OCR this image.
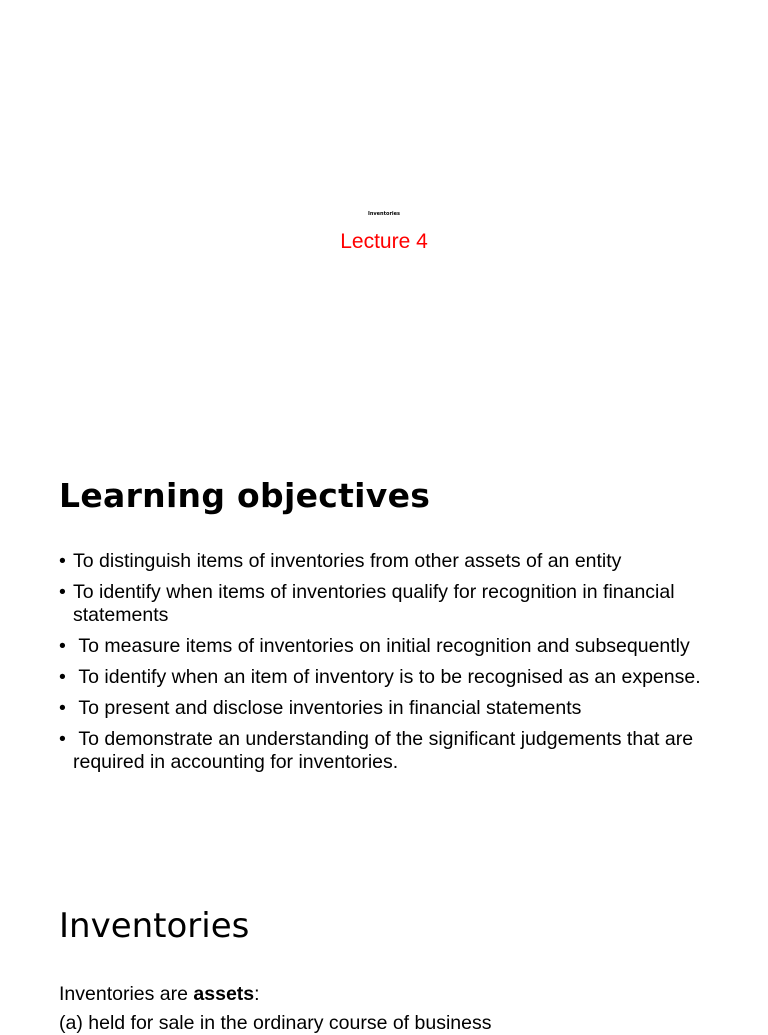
Inventories
Lecture 4
Learning objectives
• To distinguish items of inventories from other assets of an entity
• To identify when items of inventories qualify for recognition in financial statements
• To measure items of inventories on initial recognition and subsequently
• To identify when an item of inventory is to be recognised as an expense.
• To present and disclose inventories in financial statements
• To demonstrate an understanding of the significant judgements that are required in accounting for inventories.
Inventories
Inventories are assets:
(a) held for sale in the ordinary course of business
